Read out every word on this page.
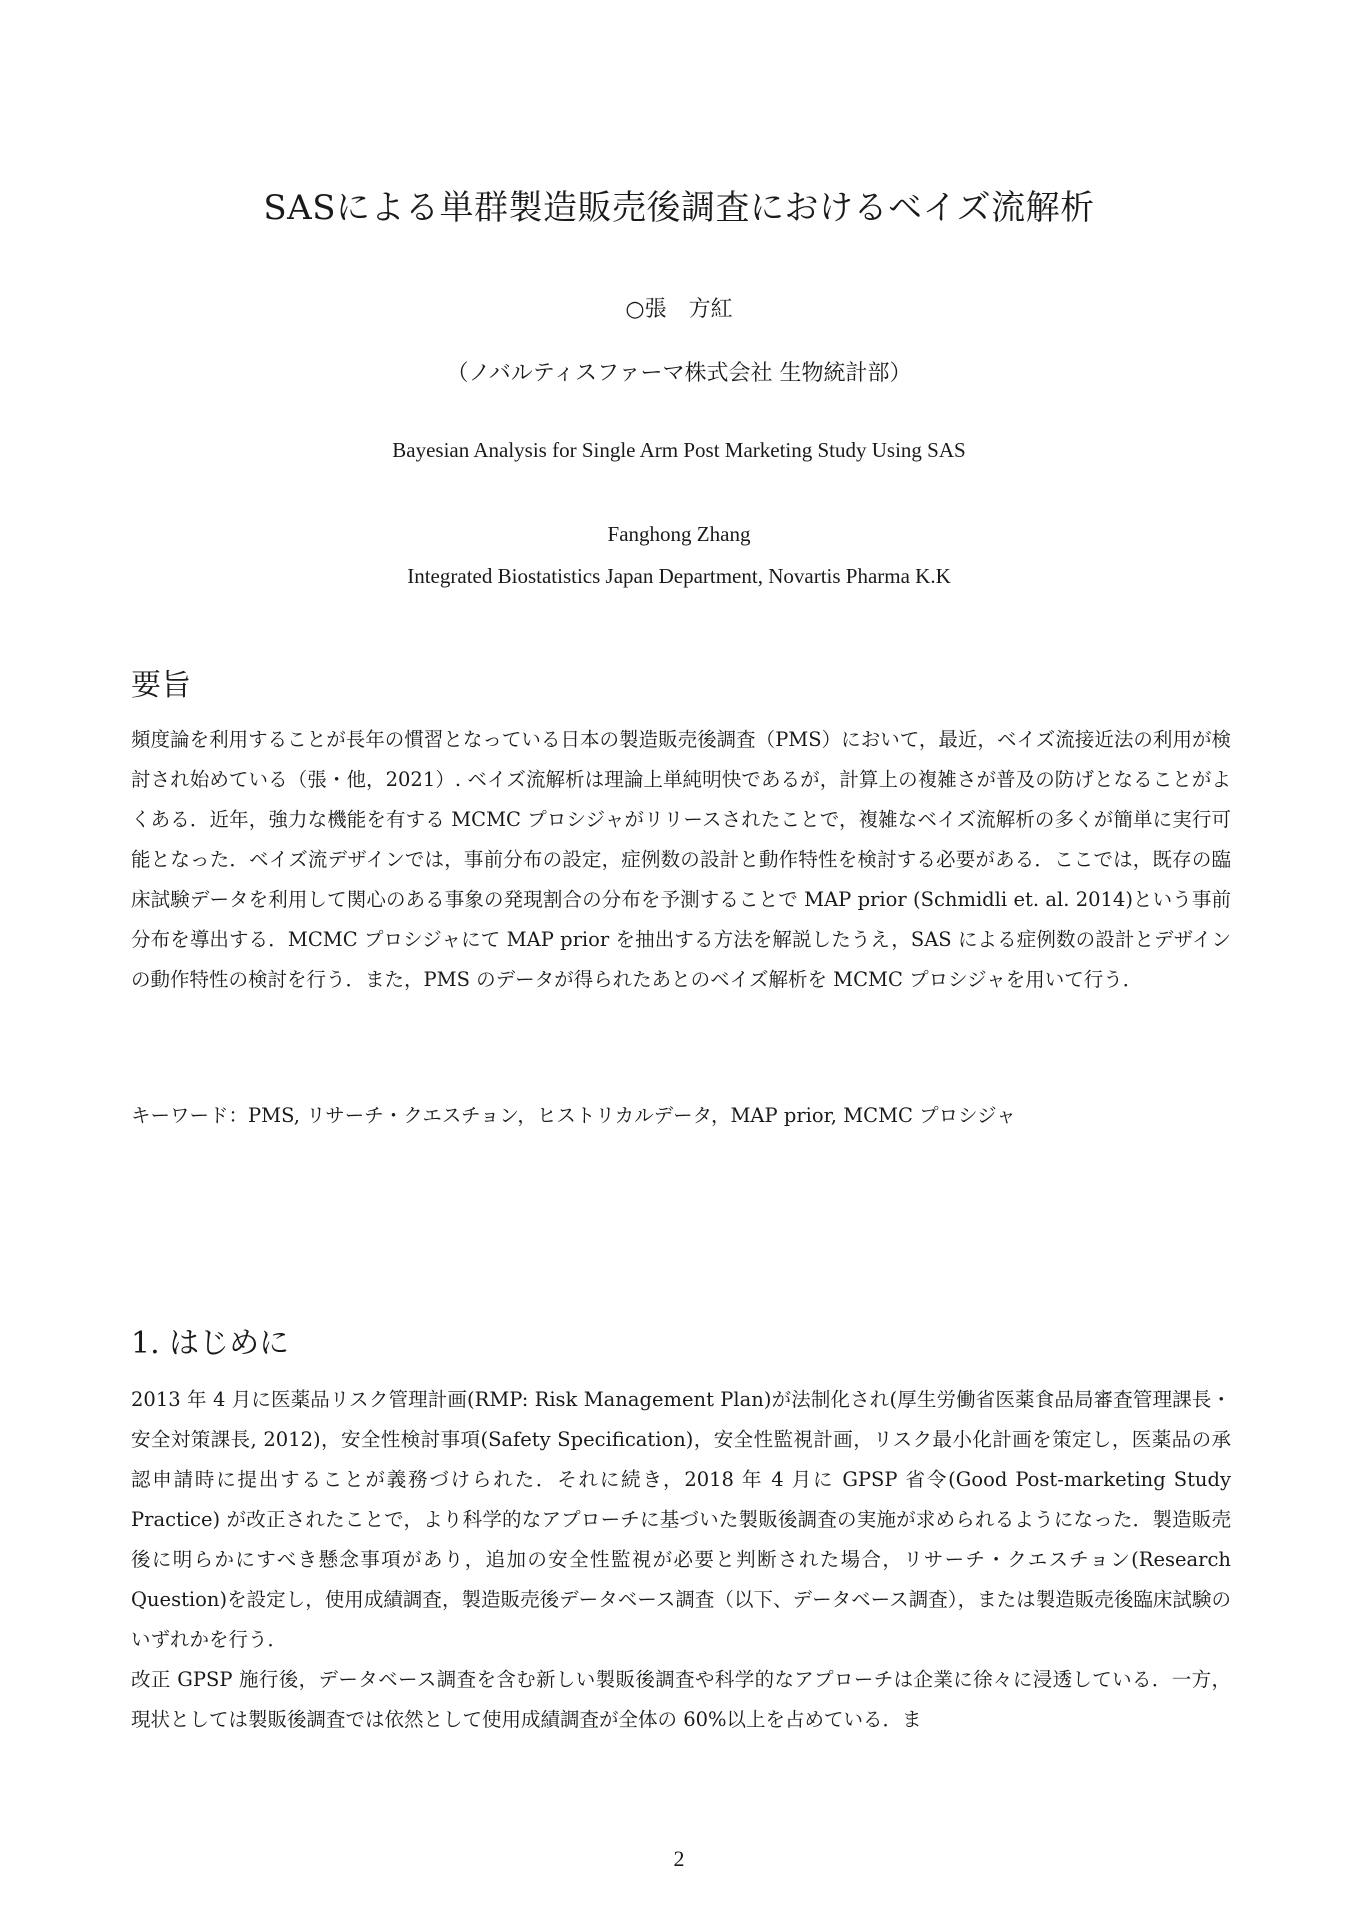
SASによる単群製造販売後調査におけるベイズ流解析
○張　方紅
（ノバルティスファーマ株式会社 生物統計部）
Bayesian Analysis for Single Arm Post Marketing Study Using SAS
Fanghong Zhang
Integrated Biostatistics Japan Department, Novartis Pharma K.K
要旨
頻度論を利用することが長年の慣習となっている日本の製造販売後調査（PMS）において，最近，ベイズ流接近法の利用が検討され始めている（張・他，2021）. ベイズ流解析は理論上単純明快であるが，計算上の複雑さが普及の防げとなることがよくある．近年，強力な機能を有する MCMC プロシジャがリリースされたことで，複雑なベイズ流解析の多くが簡単に実行可能となった．ベイズ流デザインでは，事前分布の設定，症例数の設計と動作特性を検討する必要がある．ここでは，既存の臨床試験データを利用して関心のある事象の発現割合の分布を予測することで MAP prior (Schmidli et. al. 2014)という事前分布を導出する．MCMC プロシジャにて MAP prior を抽出する方法を解説したうえ，SAS による症例数の設計とデザインの動作特性の検討を行う．また，PMS のデータが得られたあとのベイズ解析を MCMC プロシジャを用いて行う．
キーワード：PMS, リサーチ・クエスチョン，ヒストリカルデータ，MAP prior, MCMC プロシジャ
1. はじめに
2013 年 4 月に医薬品リスク管理計画(RMP: Risk Management Plan)が法制化され(厚生労働省医薬食品局審査管理課長・安全対策課長, 2012)，安全性検討事項(Safety Specification)，安全性監視計画，リスク最小化計画を策定し，医薬品の承認申請時に提出することが義務づけられた．それに続き，2018 年 4 月に GPSP 省令(Good Post-marketing Study Practice) が改正されたことで，より科学的なアプローチに基づいた製販後調査の実施が求められるようになった．製造販売後に明らかにすべき懸念事項があり，追加の安全性監視が必要と判断された場合，リサーチ・クエスチョン(Research Question)を設定し，使用成績調査，製造販売後データベース調査（以下、データベース調査），または製造販売後臨床試験のいずれかを行う．
改正 GPSP 施行後，データベース調査を含む新しい製販後調査や科学的なアプローチは企業に徐々に浸透している．一方，現状としては製販後調査では依然として使用成績調査が全体の 60%以上を占めている．ま
2
